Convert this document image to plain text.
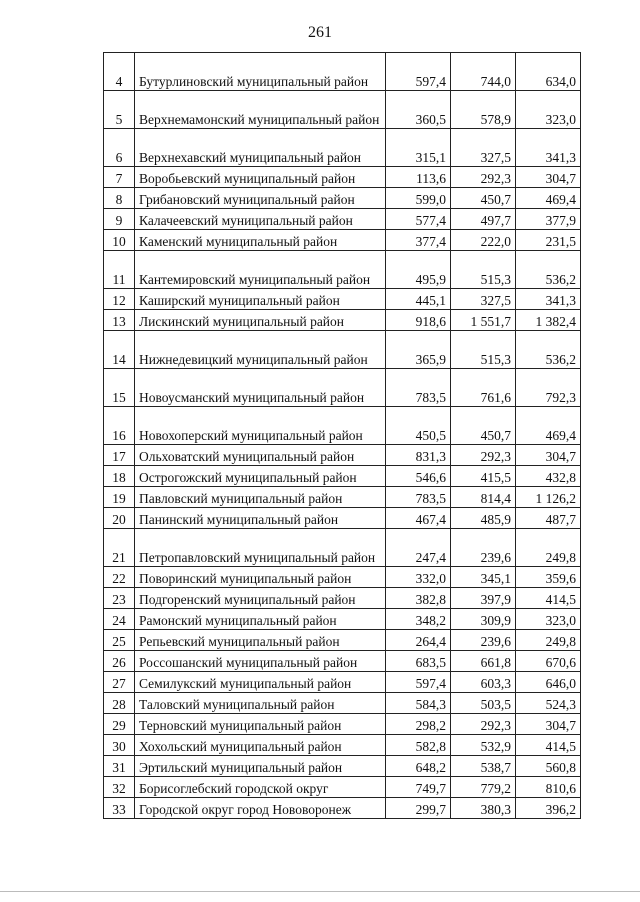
261
4	Бутурлиновский муниципальный район	597,4	744,0	634,0
5	Верхнемамонский муниципальный район	360,5	578,9	323,0
6	Верхнехавский муниципальный район	315,1	327,5	341,3
7	Воробьевский муниципальный район	113,6	292,3	304,7
8	Грибановский муниципальный район	599,0	450,7	469,4
9	Калачеевский муниципальный район	577,4	497,7	377,9
10	Каменский муниципальный район	377,4	222,0	231,5
11	Кантемировский муниципальный район	495,9	515,3	536,2
12	Каширский муниципальный район	445,1	327,5	341,3
13	Лискинский муниципальный район	918,6	1 551,7	1 382,4
14	Нижнедевицкий муниципальный район	365,9	515,3	536,2
15	Новоусманский муниципальный район	783,5	761,6	792,3
16	Новохоперский муниципальный район	450,5	450,7	469,4
17	Ольховатский муниципальный район	831,3	292,3	304,7
18	Острогожский муниципальный район	546,6	415,5	432,8
19	Павловский муниципальный район	783,5	814,4	1 126,2
20	Панинский муниципальный район	467,4	485,9	487,7
21	Петропавловский муниципальный район	247,4	239,6	249,8
22	Поворинский муниципальный район	332,0	345,1	359,6
23	Подгоренский муниципальный район	382,8	397,9	414,5
24	Рамонский муниципальный район	348,2	309,9	323,0
25	Репьевский муниципальный район	264,4	239,6	249,8
26	Россошанский муниципальный район	683,5	661,8	670,6
27	Семилукский муниципальный район	597,4	603,3	646,0
28	Таловский муниципальный район	584,3	503,5	524,3
29	Терновский муниципальный район	298,2	292,3	304,7
30	Хохольский муниципальный район	582,8	532,9	414,5
31	Эртильский муниципальный район	648,2	538,7	560,8
32	Борисоглебский городской округ	749,7	779,2	810,6
33	Городской округ город Нововоронеж	299,7	380,3	396,2
